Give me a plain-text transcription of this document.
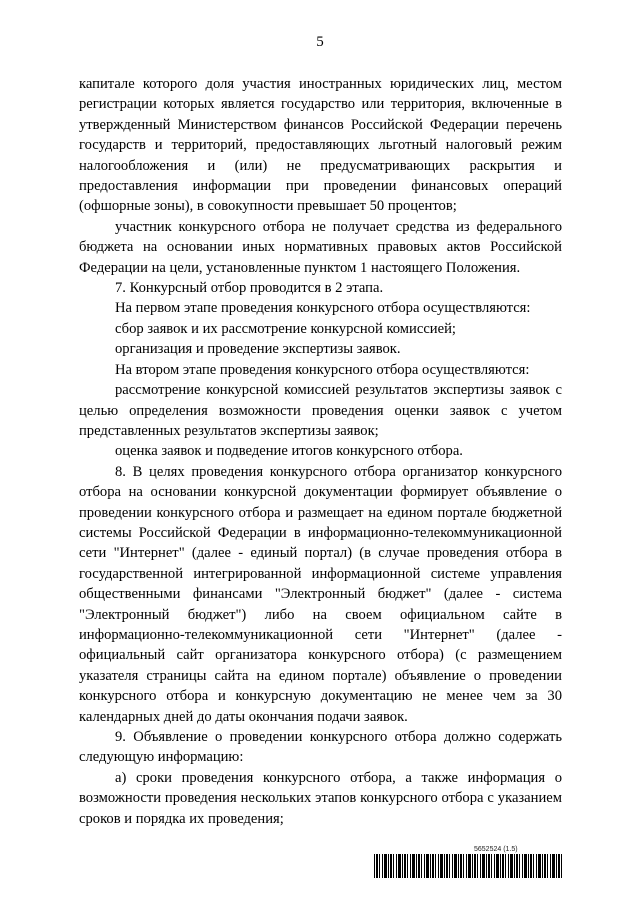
5

капитале которого доля участия иностранных юридических лиц, местом регистрации которых является государство или территория, включенные в утвержденный Министерством финансов Российской Федерации перечень государств и территорий, предоставляющих льготный налоговый режим налогообложения и (или) не предусматривающих раскрытия и предоставления информации при проведении финансовых операций (офшорные зоны), в совокупности превышает 50 процентов;

участник конкурсного отбора не получает средства из федерального бюджета на основании иных нормативных правовых актов Российской Федерации на цели, установленные пунктом 1 настоящего Положения.

7. Конкурсный отбор проводится в 2 этапа.

На первом этапе проведения конкурсного отбора осуществляются:

сбор заявок и их рассмотрение конкурсной комиссией;

организация и проведение экспертизы заявок.

На втором этапе проведения конкурсного отбора осуществляются:

рассмотрение конкурсной комиссией результатов экспертизы заявок с целью определения возможности проведения оценки заявок с учетом представленных результатов экспертизы заявок;

оценка заявок и подведение итогов конкурсного отбора.

8. В целях проведения конкурсного отбора организатор конкурсного отбора на основании конкурсной документации формирует объявление о проведении конкурсного отбора и размещает на едином портале бюджетной системы Российской Федерации в информационно-телекоммуникационной сети "Интернет" (далее - единый портал) (в случае проведения отбора в государственной интегрированной информационной системе управления общественными финансами "Электронный бюджет" (далее - система "Электронный бюджет") либо на своем официальном сайте в информационно-телекоммуникационной сети "Интернет" (далее - официальный сайт организатора конкурсного отбора) (с размещением указателя страницы сайта на едином портале) объявление о проведении конкурсного отбора и конкурсную документацию не менее чем за 30 календарных дней до даты окончания подачи заявок.

9. Объявление о проведении конкурсного отбора должно содержать следующую информацию:

а) сроки проведения конкурсного отбора, а также информация о возможности проведения нескольких этапов конкурсного отбора с указанием сроков и порядка их проведения;

5652524 (1.5)
